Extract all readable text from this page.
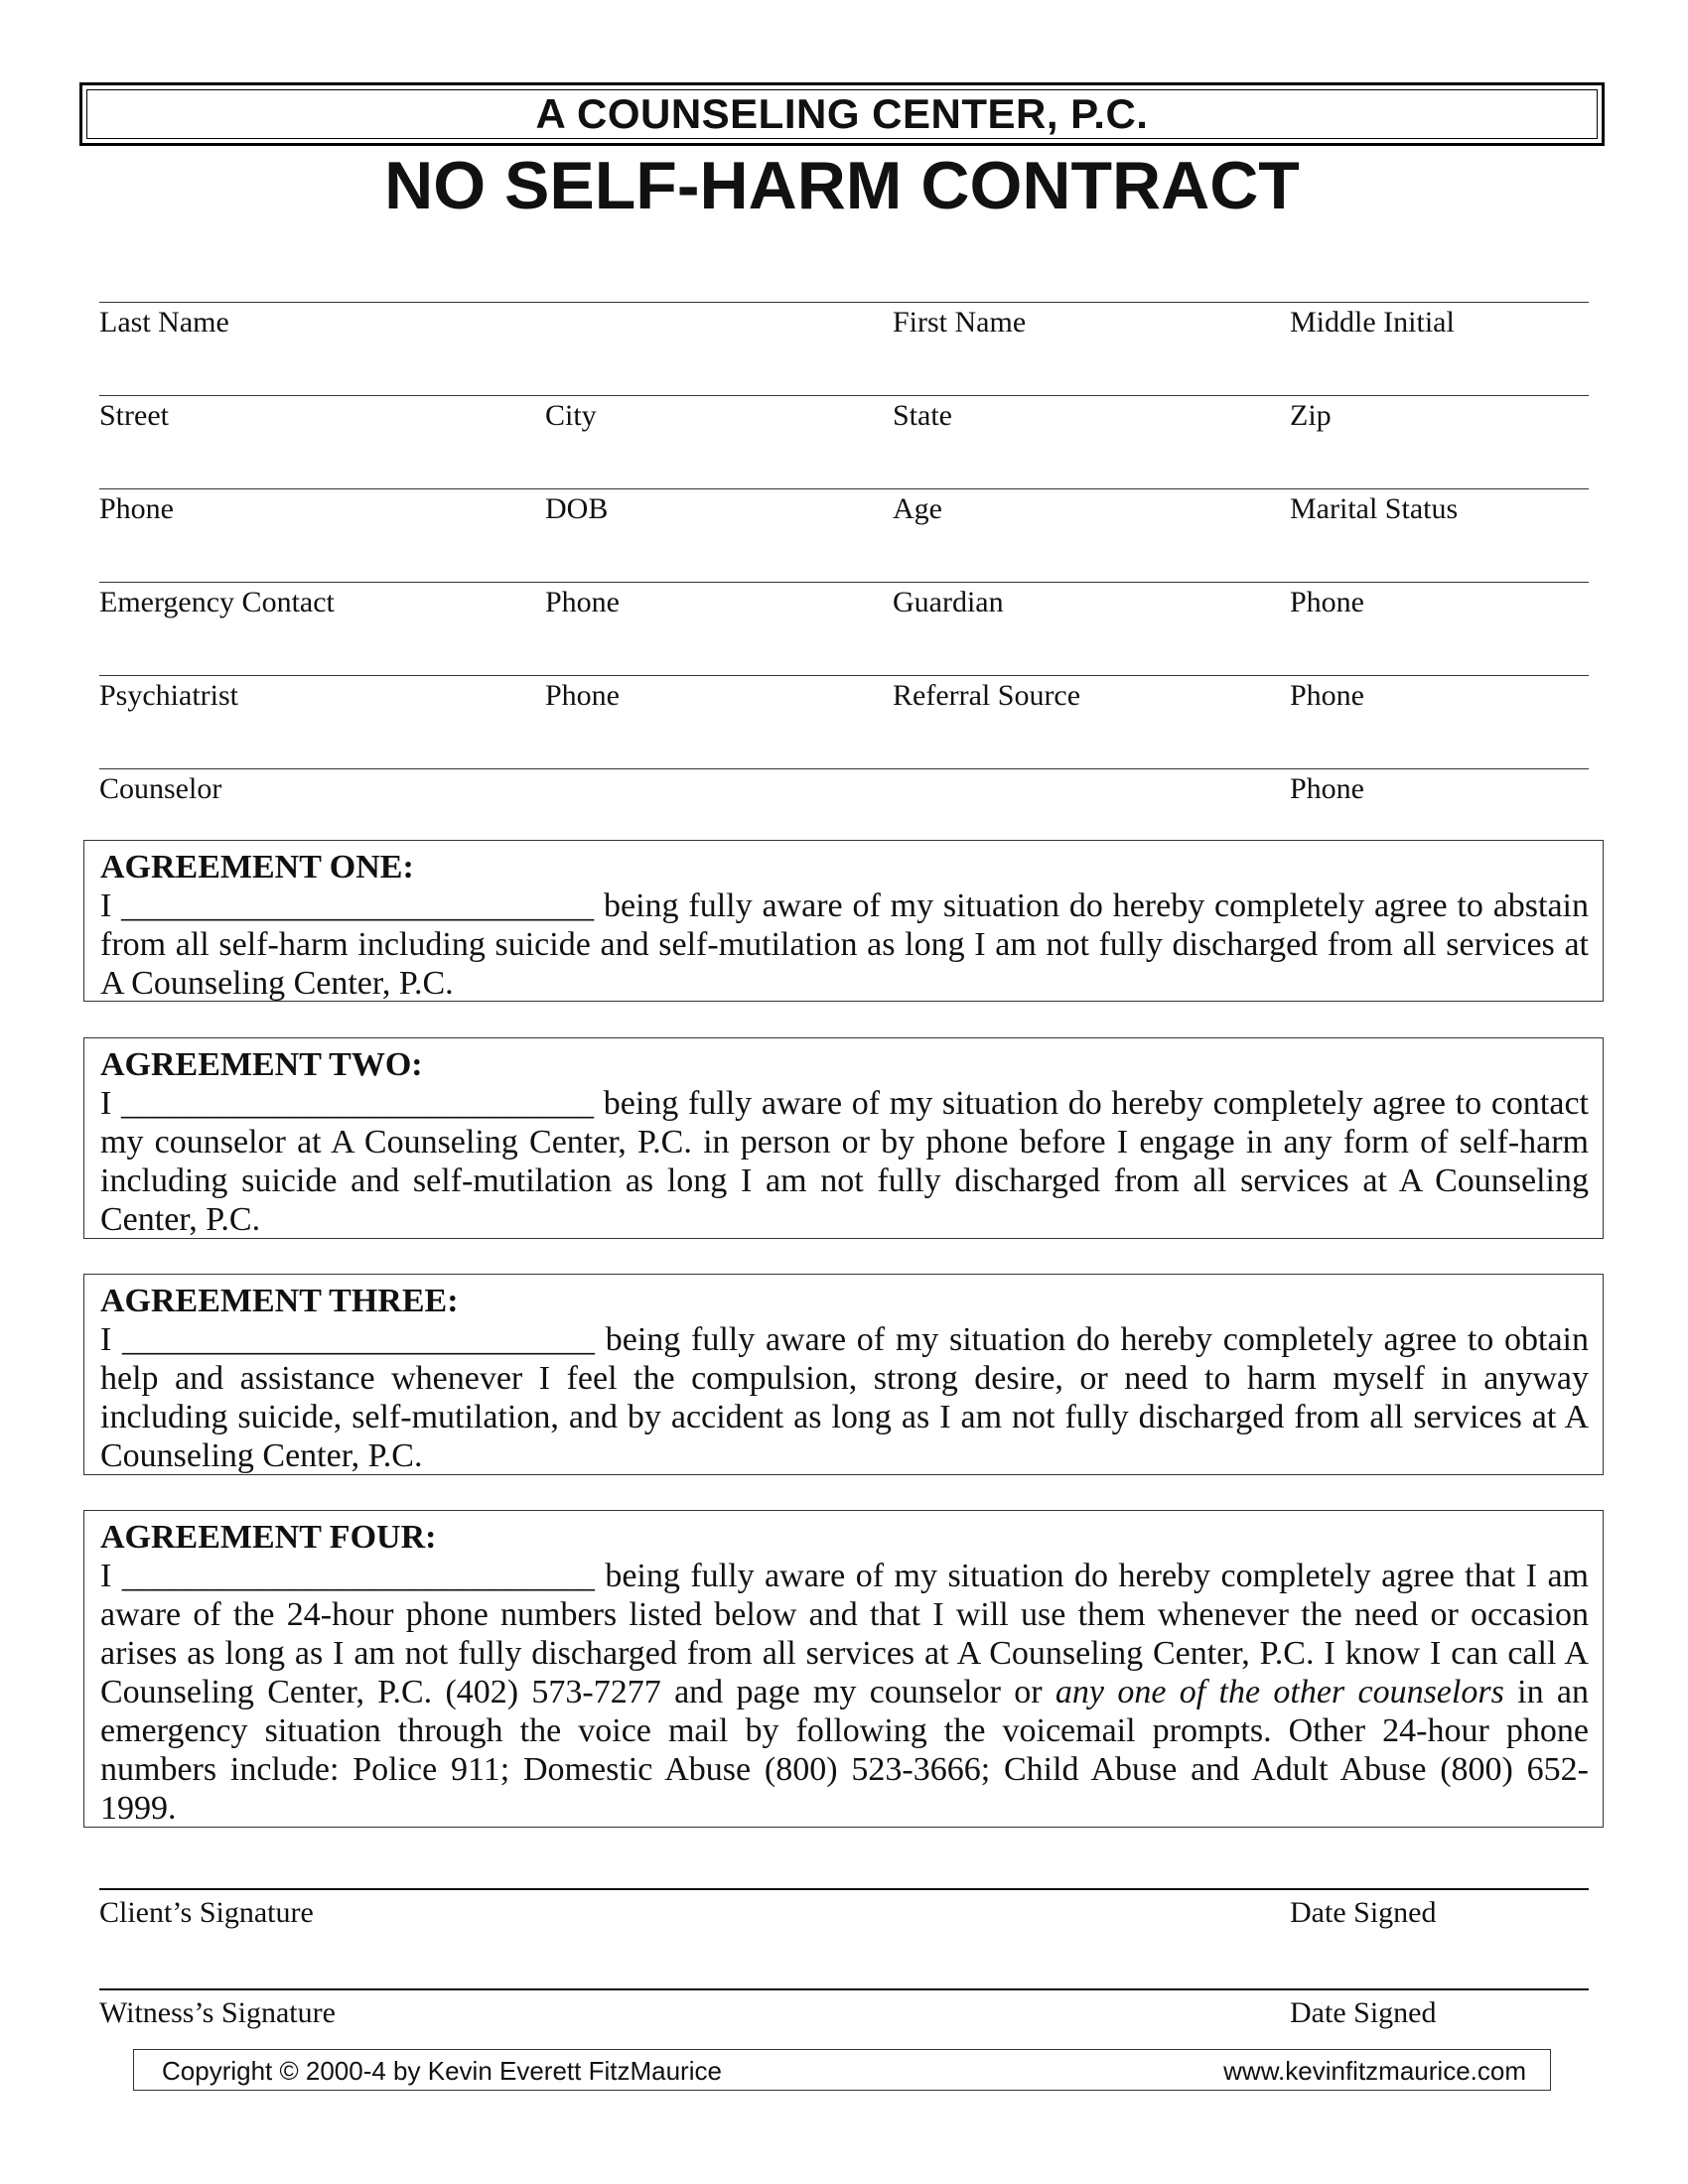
A COUNSELING CENTER, P.C.
NO SELF-HARM CONTRACT
Last Name	First Name	Middle Initial
Street	City	State	Zip
Phone	DOB	Age	Marital Status
Emergency Contact	Phone	Guardian	Phone
Psychiatrist	Phone	Referral Source	Phone
Counselor	Phone
AGREEMENT ONE:
I ____________________________ being fully aware of my situation do hereby completely agree to abstain from all self-harm including suicide and self-mutilation as long I am not fully discharged from all services at A Counseling Center, P.C.
AGREEMENT TWO:
I ____________________________ being fully aware of my situation do hereby completely agree to contact my counselor at A Counseling Center, P.C. in person or by phone before I engage in any form of self-harm including suicide and self-mutilation as long I am not fully discharged from all services at A Counseling Center, P.C.
AGREEMENT THREE:
I ____________________________ being fully aware of my situation do hereby completely agree to obtain help and assistance whenever I feel the compulsion, strong desire, or need to harm myself in anyway including suicide, self-mutilation, and by accident as long as I am not fully discharged from all services at A Counseling Center, P.C.
AGREEMENT FOUR:
I ____________________________ being fully aware of my situation do hereby completely agree that I am aware of the 24-hour phone numbers listed below and that I will use them whenever the need or occasion arises as long as I am not fully discharged from all services at A Counseling Center, P.C. I know I can call A Counseling Center, P.C. (402) 573-7277 and page my counselor or any one of the other counselors in an emergency situation through the voice mail by following the voicemail prompts. Other 24-hour phone numbers include: Police 911; Domestic Abuse (800) 523-3666; Child Abuse and Adult Abuse (800) 652-1999.
Client’s Signature	Date Signed
Witness’s Signature	Date Signed
Copyright © 2000-4 by Kevin Everett FitzMaurice	www.kevinfitzmaurice.com
